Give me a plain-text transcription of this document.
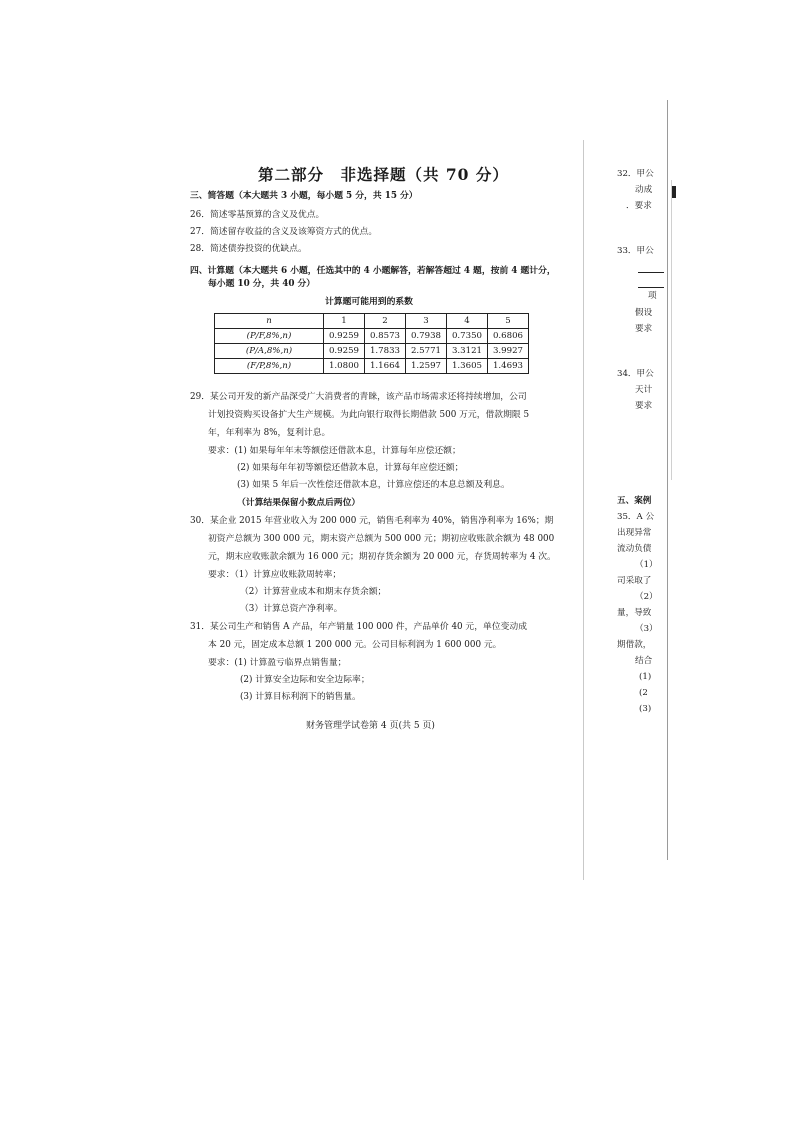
第二部分　非选择题（共 70 分）
三、简答题（本大题共 3 小题，每小题 5 分，共 15 分）
26．简述零基预算的含义及优点。
27．简述留存收益的含义及该筹资方式的优点。
28．简述债券投资的优缺点。
四、计算题（本大题共 6 小题，任选其中的 4 小题解答，若解答超过 4 题，按前 4 题计分，
每小题 10 分，共 40 分）
计算题可能用到的系数
n	1	2	3	4	5
(P/F,8%,n)	0.9259	0.8573	0.7938	0.7350	0.6806
(P/A,8%,n)	0.9259	1.7833	2.5771	3.3121	3.9927
(F/P,8%,n)	1.0800	1.1664	1.2597	1.3605	1.4693
29．某公司开发的新产品深受广大消费者的青睐，该产品市场需求还将持续增加，公司
计划投资购买设备扩大生产规模。为此向银行取得长期借款 500 万元，借款期限 5
年，年利率为 8%，复利计息。
要求：(1) 如果每年年末等额偿还借款本息，计算每年应偿还额；
(2) 如果每年年初等额偿还借款本息，计算每年应偿还额；
(3) 如果 5 年后一次性偿还借款本息，计算应偿还的本息总额及利息。
（计算结果保留小数点后两位）
30．某企业 2015 年营业收入为 200 000 元，销售毛利率为 40%，销售净利率为 16%；期
初资产总额为 300 000 元，期末资产总额为 500 000 元；期初应收账款余额为 48 000
元，期末应收账款余额为 16 000 元；期初存货余额为 20 000 元，存货周转率为 4 次。
要求：（1）计算应收账款周转率；
（2）计算营业成本和期末存货余额；
（3）计算总资产净利率。
31．某公司生产和销售 A 产品，年产销量 100 000 件，产品单价 40 元，单位变动成
本 20 元，固定成本总额 1 200 000 元。公司目标利润为 1 600 000 元。
要求：(1) 计算盈亏临界点销售量；
(2) 计算安全边际和安全边际率；
(3) 计算目标利润下的销售量。
财务管理学试卷第 4 页(共 5 页)
32．甲公
动成
．要求
33．甲公
项
假设
要求
34．甲公
天计
要求
五、案例
35．A 公
出现异常
流动负债
（1）
司采取了
（2）
量，导致
（3）
期借款，
结合
(1)
(2
(3)
